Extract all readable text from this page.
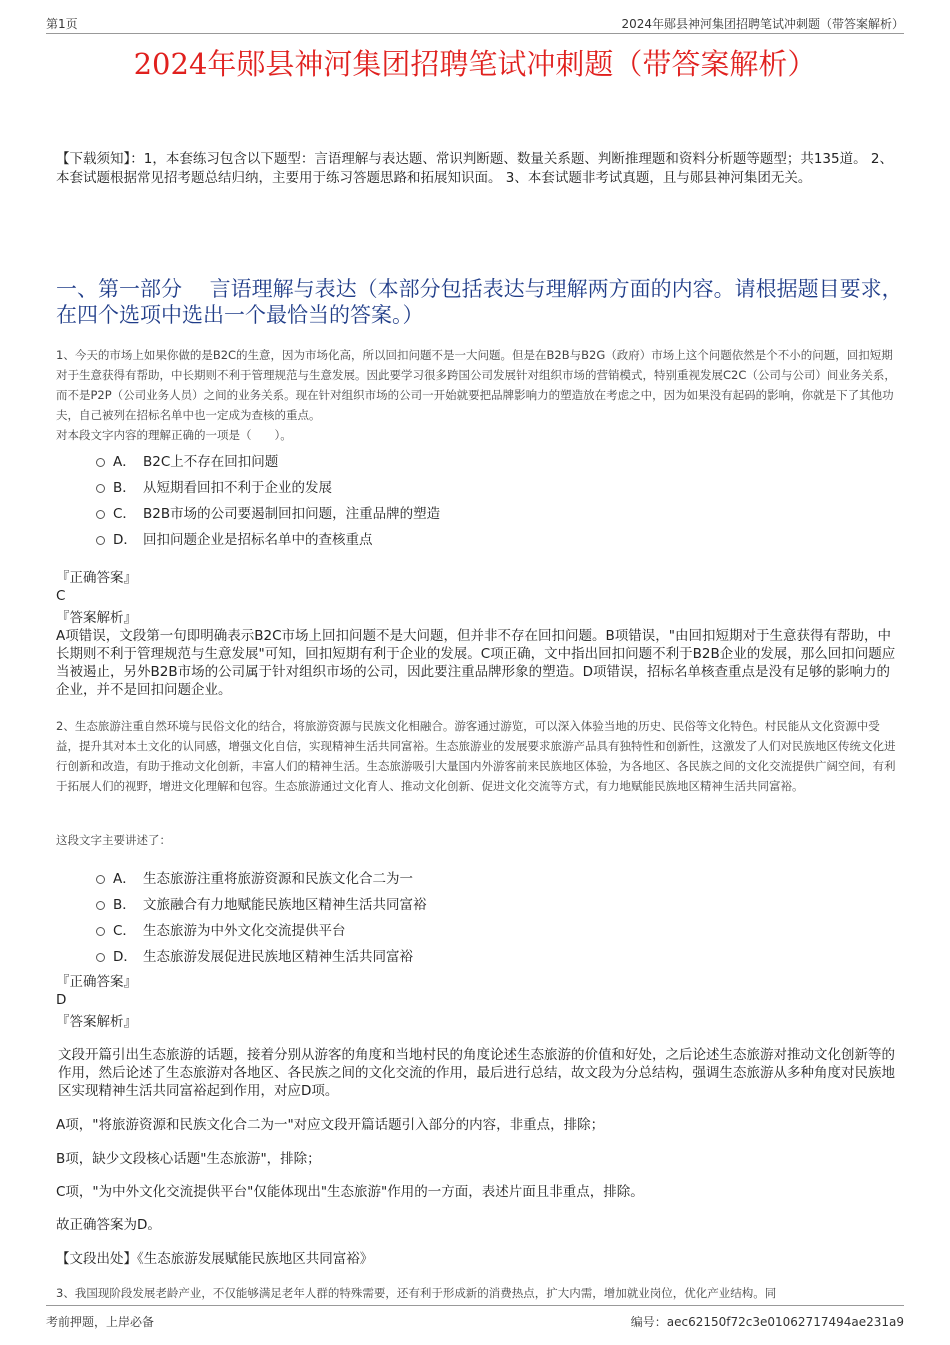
第1页	2024年郧县神河集团招聘笔试冲刺题（带答案解析）
2024年郧县神河集团招聘笔试冲刺题（带答案解析）
【下载须知】：1，本套练习包含以下题型：言语理解与表达题、常识判断题、数量关系题、判断推理题和资料分析题等题型；共135道。 2、本套试题根据常见招考题总结归纳，主要用于练习答题思路和拓展知识面。 3、本套试题非考试真题，且与郧县神河集团无关。
一、第一部分　 言语理解与表达（本部分包括表达与理解两方面的内容。请根据题目要求，在四个选项中选出一个最恰当的答案。）
1、今天的市场上如果你做的是B2C的生意，因为市场化高，所以回扣问题不是一大问题。但是在B2B与B2G（政府）市场上这个问题依然是个不小的问题，回扣短期对于生意获得有帮助，中长期则不利于管理规范与生意发展。因此要学习很多跨国公司发展针对组织市场的营销模式，特别重视发展C2C（公司与公司）间业务关系，而不是P2P（公司业务人员）之间的业务关系。现在针对组织市场的公司一开始就要把品牌影响力的塑造放在考虑之中，因为如果没有起码的影响，你就是下了其他功夫，自己被列在招标名单中也一定成为查核的重点。
对本段文字内容的理解正确的一项是（　　）。
A． B2C上不存在回扣问题
B． 从短期看回扣不利于企业的发展
C． B2B市场的公司要遏制回扣问题，注重品牌的塑造
D． 回扣问题企业是招标名单中的查核重点
『正确答案』
C
『答案解析』
A项错误，文段第一句即明确表示B2C市场上回扣问题不是大问题，但并非不存在回扣问题。B项错误，"由回扣短期对于生意获得有帮助，中长期则不利于管理规范与生意发展"可知，回扣短期有利于企业的发展。C项正确，文中指出回扣问题不利于B2B企业的发展，那么回扣问题应当被遏止，另外B2B市场的公司属于针对组织市场的公司，因此要注重品牌形象的塑造。D项错误，招标名单核查重点是没有足够的影响力的企业，并不是回扣问题企业。
2、生态旅游注重自然环境与民俗文化的结合，将旅游资源与民族文化相融合。游客通过游览，可以深入体验当地的历史、民俗等文化特色。村民能从文化资源中受益，提升其对本土文化的认同感，增强文化自信，实现精神生活共同富裕。生态旅游业的发展要求旅游产品具有独特性和创新性，这激发了人们对民族地区传统文化进行创新和改造，有助于推动文化创新，丰富人们的精神生活。生态旅游吸引大量国内外游客前来民族地区体验，为各地区、各民族之间的文化交流提供广阔空间，有利于拓展人们的视野，增进文化理解和包容。生态旅游通过文化育人、推动文化创新、促进文化交流等方式，有力地赋能民族地区精神生活共同富裕。
这段文字主要讲述了：
A． 生态旅游注重将旅游资源和民族文化合二为一
B． 文旅融合有力地赋能民族地区精神生活共同富裕
C． 生态旅游为中外文化交流提供平台
D． 生态旅游发展促进民族地区精神生活共同富裕
『正确答案』
D
『答案解析』
文段开篇引出生态旅游的话题，接着分别从游客的角度和当地村民的角度论述生态旅游的价值和好处，之后论述生态旅游对推动文化创新等的作用，然后论述了生态旅游对各地区、各民族之间的文化交流的作用，最后进行总结，故文段为分总结构，强调生态旅游从多种角度对民族地区实现精神生活共同富裕起到作用，对应D项。
A项，"将旅游资源和民族文化合二为一"对应文段开篇话题引入部分的内容，非重点，排除；
B项，缺少文段核心话题"生态旅游"，排除；
C项，"为中外文化交流提供平台"仅能体现出"生态旅游"作用的一方面，表述片面且非重点，排除。
故正确答案为D。
【文段出处】《生态旅游发展赋能民族地区共同富裕》
3、我国现阶段发展老龄产业，不仅能够满足老年人群的特殊需要，还有利于形成新的消费热点，扩大内需，增加就业岗位，优化产业结构。同
考前押题，上岸必备	编号：aec62150f72c3e01062717494ae231a9
